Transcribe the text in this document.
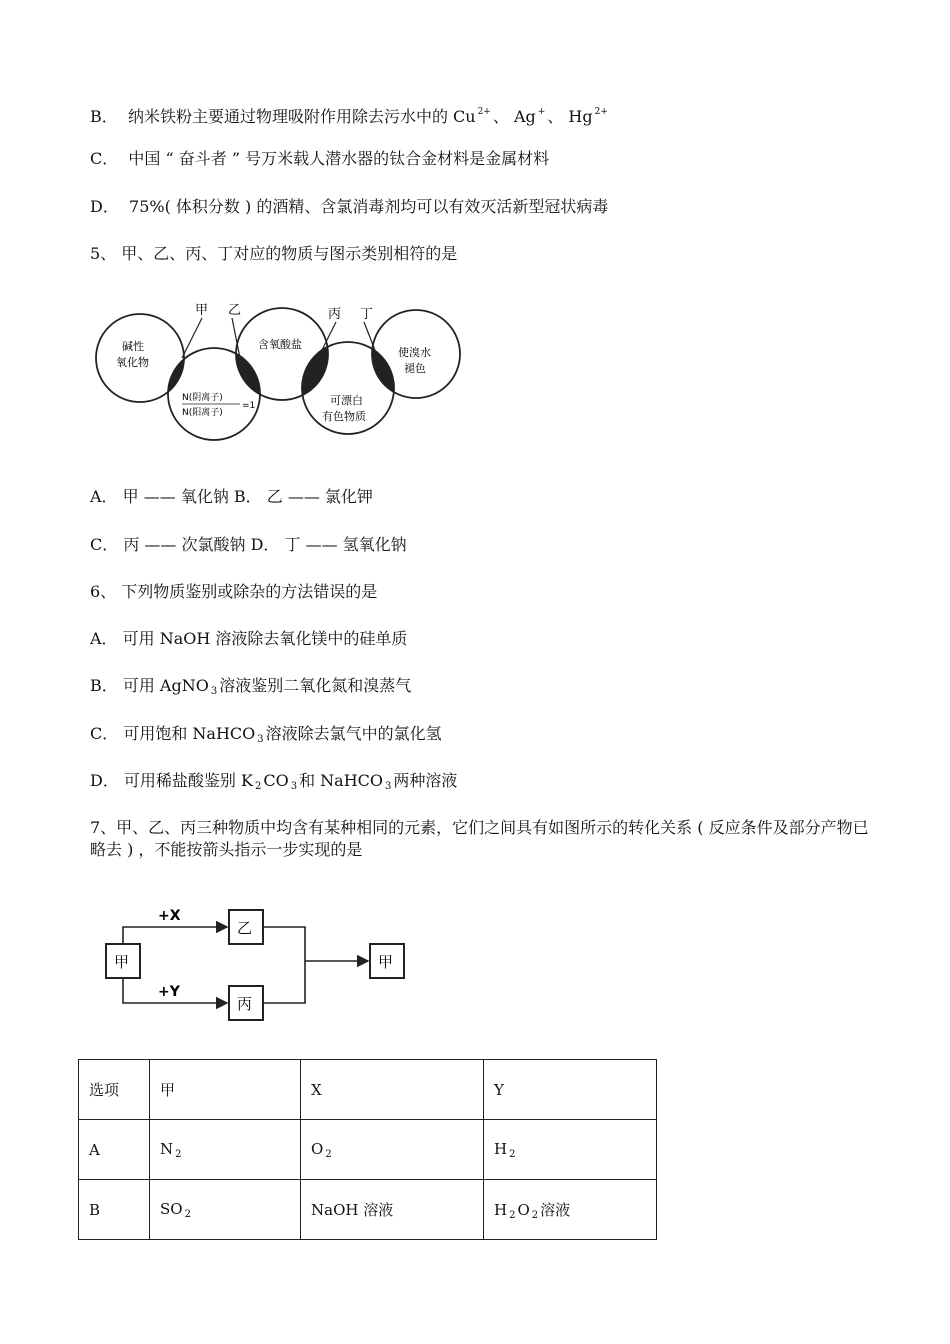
B． 纳米铁粉主要通过物理吸附作用除去污水中的 Cu $^{2+}$ 、 Ag + 、 Hg $^{2+}$
C． 中国 “ 奋斗者 ” 号万米载人潜水器的钛合金材料是金属材料
D． 75%( 体积分数 ) 的酒精、含氯消毒剂均可以有效灭活新型冠状病毒
5、 甲、乙、丙、丁对应的物质与图示类别相符的是
甲 乙	丙 丁
碱性
氧化物
含氧酸盐
N(阴离子)
N(阳离子)
=1	可漂白
有色物质
使溴水
褪色
A． 甲 —— 氧化钠 B． 乙 —— 氯化钾
C． 丙 —— 次氯酸钠 D． 丁 —— 氢氧化钠
6、 下列物质鉴别或除杂的方法错误的是
A． 可用 NaOH 溶液除去氧化镁中的硅单质
B． 可用 AgNO $_3$ 溶液鉴别二氧化氮和溴蒸气
C． 可用饱和 NaHCO $_3$ 溶液除去氯气中的氯化氢
D． 可用稀盐酸鉴别 K $_2$ CO $_3$ 和 NaHCO $_3$ 两种溶液
7、甲、乙、丙三种物质中均含有某种相同的元素，它们之间具有如图所示的转化关系 ( 反应条件及部分产物已略去 ) ，不能按箭头指示一步实现的是
甲
乙
丙
甲
+X
+Y
选项	甲	X	Y
A	N $_2$	O $_2$	H $_2$
B	SO $_2$	NaOH 溶液	H $_2$ O $_2$ 溶液
